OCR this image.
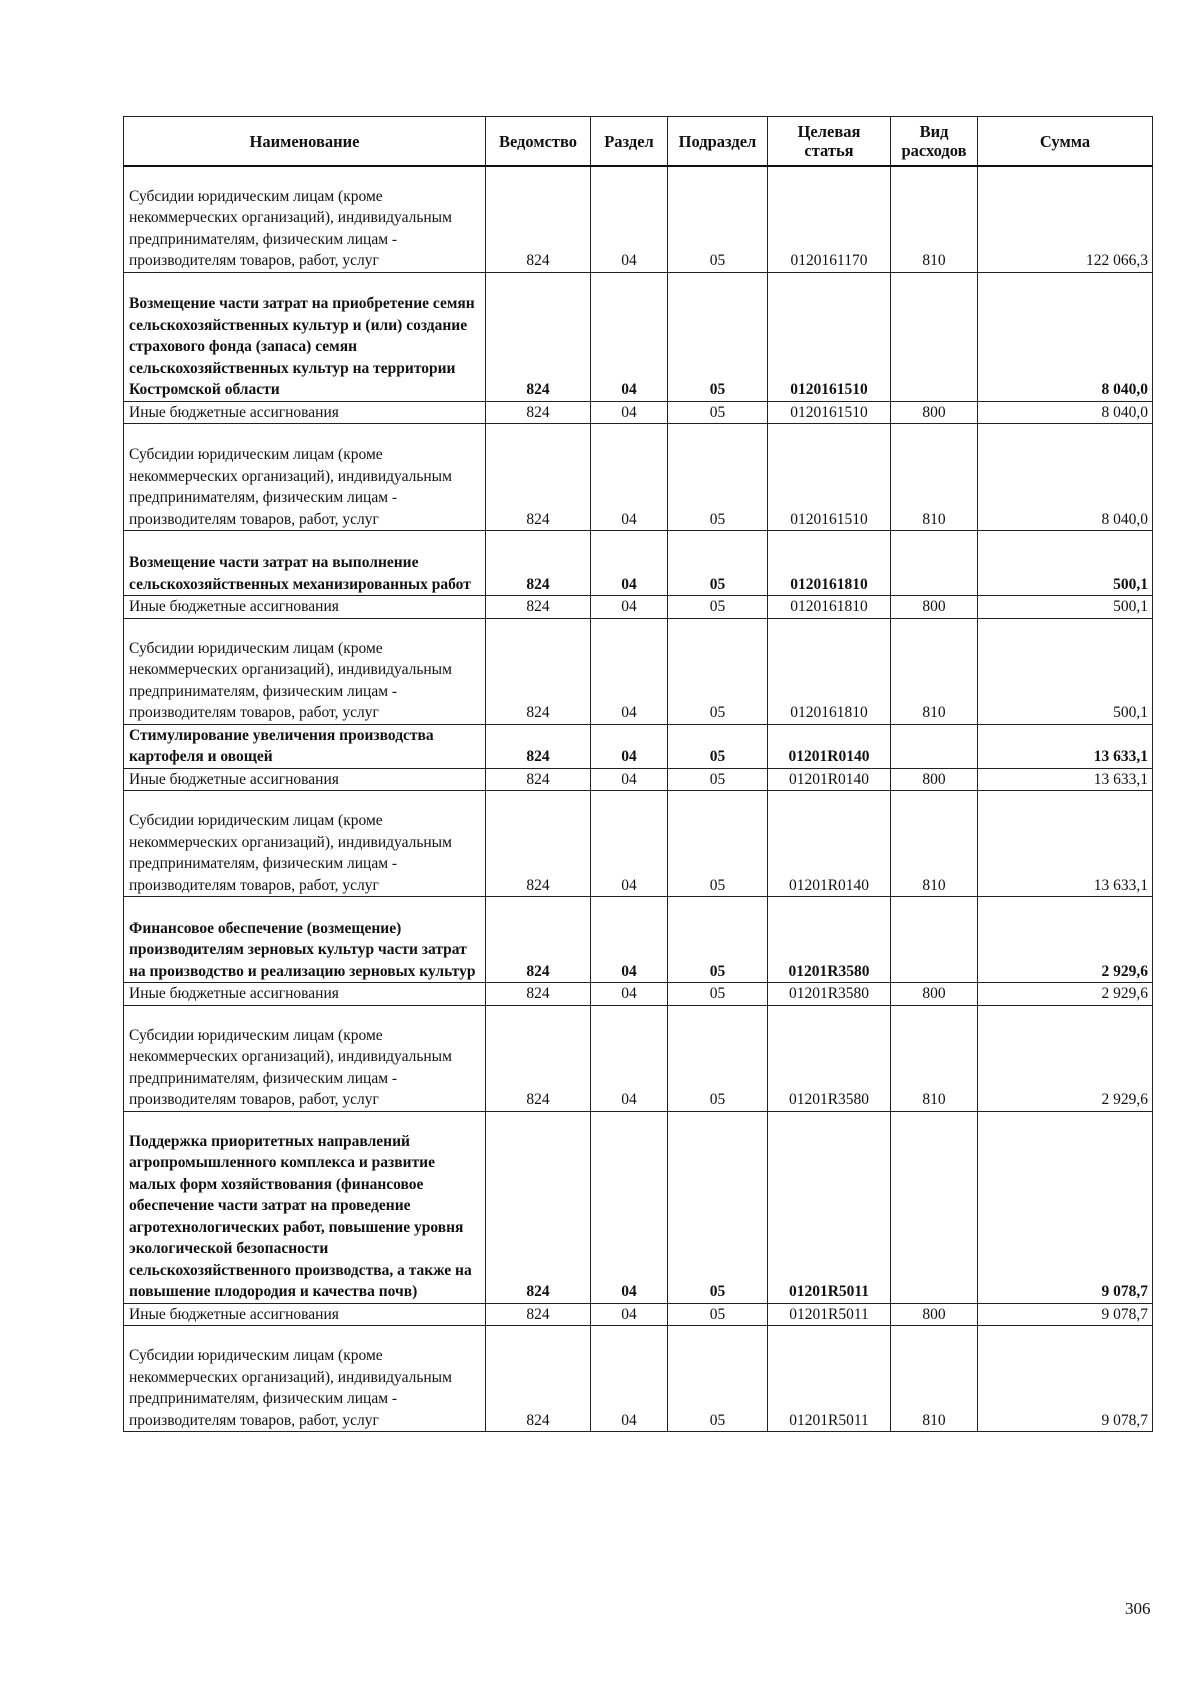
Наименование	Ведомство	Раздел	Подраздел	Целевая статья	Вид расходов	Сумма
Субсидии юридическим лицам (кроме некоммерческих организаций), индивидуальным предпринимателям, физическим лицам - производителям товаров, работ, услуг	824	04	05	0120161170	810	122 066,3
Возмещение части затрат на приобретение семян сельскохозяйственных культур и (или) создание страхового фонда (запаса) семян сельскохозяйственных культур на территории Костромской области	824	04	05	0120161510		8 040,0
Иные бюджетные ассигнования	824	04	05	0120161510	800	8 040,0
Субсидии юридическим лицам (кроме некоммерческих организаций), индивидуальным предпринимателям, физическим лицам - производителям товаров, работ, услуг	824	04	05	0120161510	810	8 040,0
Возмещение части затрат на выполнение сельскохозяйственных механизированных работ	824	04	05	0120161810		500,1
Иные бюджетные ассигнования	824	04	05	0120161810	800	500,1
Субсидии юридическим лицам (кроме некоммерческих организаций), индивидуальным предпринимателям, физическим лицам - производителям товаров, работ, услуг	824	04	05	0120161810	810	500,1
Стимулирование увеличения производства картофеля и овощей	824	04	05	01201R0140		13 633,1
Иные бюджетные ассигнования	824	04	05	01201R0140	800	13 633,1
Субсидии юридическим лицам (кроме некоммерческих организаций), индивидуальным предпринимателям, физическим лицам - производителям товаров, работ, услуг	824	04	05	01201R0140	810	13 633,1
Финансовое обеспечение (возмещение) производителям зерновых культур части затрат на производство и реализацию зерновых культур	824	04	05	01201R3580		2 929,6
Иные бюджетные ассигнования	824	04	05	01201R3580	800	2 929,6
Субсидии юридическим лицам (кроме некоммерческих организаций), индивидуальным предпринимателям, физическим лицам - производителям товаров, работ, услуг	824	04	05	01201R3580	810	2 929,6
Поддержка приоритетных направлений агропромышленного комплекса и развитие малых форм хозяйствования (финансовое обеспечение части затрат на проведение агротехнологических работ, повышение уровня экологической безопасности сельскохозяйственного производства, а также на повышение плодородия и качества почв)	824	04	05	01201R5011		9 078,7
Иные бюджетные ассигнования	824	04	05	01201R5011	800	9 078,7
Субсидии юридическим лицам (кроме некоммерческих организаций), индивидуальным предпринимателям, физическим лицам - производителям товаров, работ, услуг	824	04	05	01201R5011	810	9 078,7
306
